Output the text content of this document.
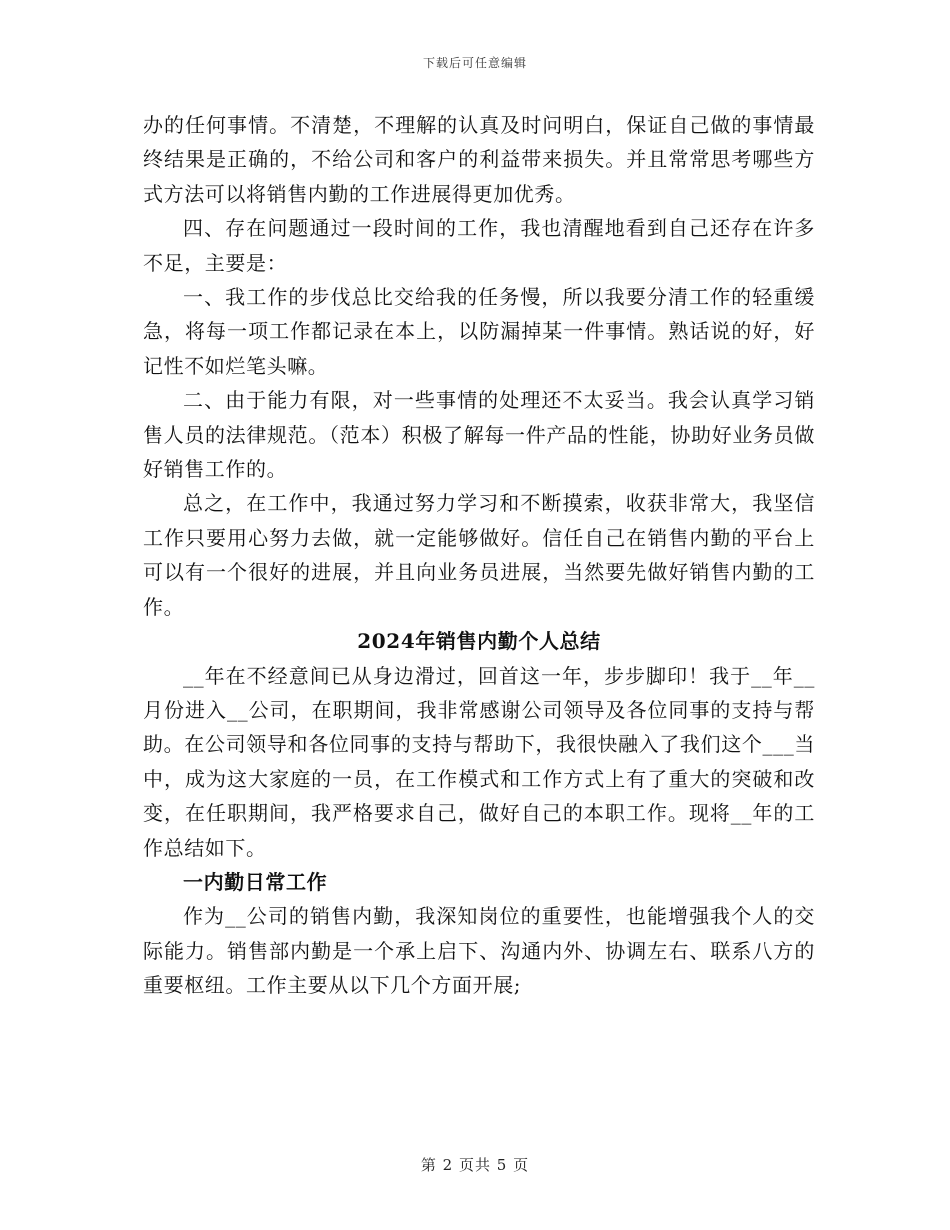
下载后可任意编辑

办的任何事情。不清楚，不理解的认真及时问明白，保证自己做的事情最终结果是正确的，不给公司和客户的利益带来损失。并且常常思考哪些方式方法可以将销售内勤的工作进展得更加优秀。

四、存在问题通过一段时间的工作，我也清醒地看到自己还存在许多不足，主要是：

一、我工作的步伐总比交给我的任务慢，所以我要分清工作的轻重缓急，将每一项工作都记录在本上，以防漏掉某一件事情。熟话说的好，好记性不如烂笔头嘛。

二、由于能力有限，对一些事情的处理还不太妥当。我会认真学习销售人员的法律规范。（范本）积极了解每一件产品的性能，协助好业务员做好销售工作的。

总之，在工作中，我通过努力学习和不断摸索，收获非常大，我坚信工作只要用心努力去做，就一定能够做好。信任自己在销售内勤的平台上可以有一个很好的进展，并且向业务员进展，当然要先做好销售内勤的工作。

2024年销售内勤个人总结

__年在不经意间已从身边滑过，回首这一年，步步脚印！我于__年__月份进入__公司，在职期间，我非常感谢公司领导及各位同事的支持与帮助。在公司领导和各位同事的支持与帮助下，我很快融入了我们这个___当中，成为这大家庭的一员，在工作模式和工作方式上有了重大的突破和改变，在任职期间，我严格要求自己，做好自己的本职工作。现将__年的工作总结如下。

一内勤日常工作

作为__公司的销售内勤，我深知岗位的重要性，也能增强我个人的交际能力。销售部内勤是一个承上启下、沟通内外、协调左右、联系八方的重要枢纽。工作主要从以下几个方面开展;

第 2 页共 5 页
